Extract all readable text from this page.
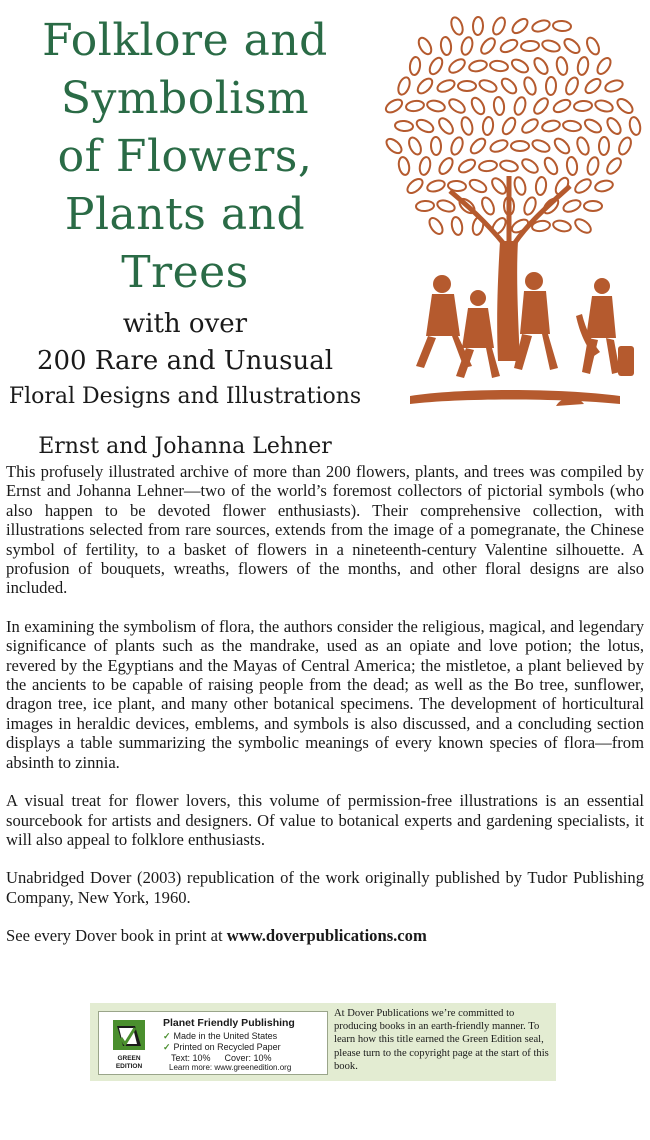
Folklore and
Symbolism
of Flowers,
Plants and Trees
with over
200 Rare and Unusual
Floral Designs and Illustrations
Ernst and Johanna Lehner

This profusely illustrated archive of more than 200 flowers, plants, and trees was compiled by Ernst and Johanna Lehner—two of the world’s foremost collectors of pictorial symbols (who also happen to be devoted flower enthusiasts). Their comprehensive collection, with illustrations selected from rare sources, extends from the image of a pomegranate, the Chinese symbol of fertility, to a basket of flowers in a nineteenth-century Valentine silhouette. A profusion of bouquets, wreaths, flowers of the months, and other floral designs are also included.

In examining the symbolism of flora, the authors consider the religious, magical, and legendary significance of plants such as the mandrake, used as an opiate and love potion; the lotus, revered by the Egyptians and the Mayas of Central America; the mistletoe, a plant believed by the ancients to be capable of raising people from the dead; as well as the Bo tree, sunflower, dragon tree, ice plant, and many other botanical specimens. The development of horticultural images in heraldic devices, emblems, and symbols is also discussed, and a concluding section displays a table summarizing the symbolic meanings of every known species of flora—from absinth to zinnia.

A visual treat for flower lovers, this volume of permission-free illustrations is an essential sourcebook for artists and designers. Of value to botanical experts and gardening specialists, it will also appeal to folklore enthusiasts.

Unabridged Dover (2003) republication of the work originally published by Tudor Publishing Company, New York, 1960.

See every Dover book in print at www.doverpublications.com

GREEN
EDITION
Planet Friendly Publishing
✓ Made in the United States
✓ Printed on Recycled Paper
Text: 10% Cover: 10%
Learn more: www.greenedition.org
At Dover Publications we’re committed to producing books in an earth-friendly manner. To learn how this title earned the Green Edition seal, please turn to the copyright page at the start of this book.
